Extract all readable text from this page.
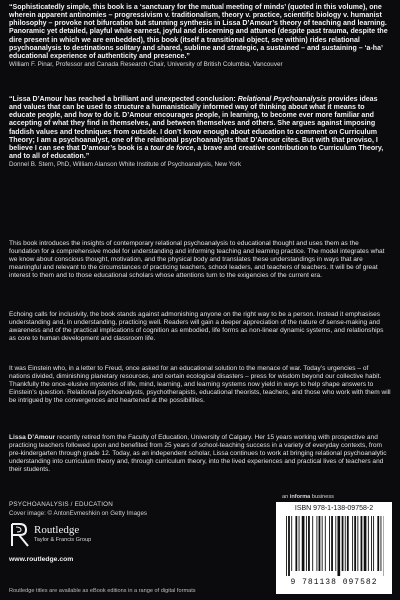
“Sophisticatedly simple, this book is a ‘sanctuary for the mutual meeting of minds’ (quoted in this volume), one wherein apparent antinomies – progressivism v. traditionalism, theory v. practice, scientific biology v. humanist philosophy – provoke not bifurcation but stunning synthesis in Lissa D’Amour’s theory of teaching and learning. Panoramic yet detailed, playful while earnest, joyful and discerning and attuned (despite past trauma, despite the dire present in which we are embedded), this book (itself a transitional object, see within) rides relational psychoanalysis to destinations solitary and shared, sublime and strategic, a sustained – and sustaining – ‘a-ha’ educational experience of authenticity and presence.”

William F. Pinar, Professor and Canada Research Chair, University of British Columbia, Vancouver

“Lissa D’Amour has reached a brilliant and unexpected conclusion: Relational Psychoanalysis provides ideas and values that can be used to structure a humanistically informed way of thinking about what it means to educate people, and how to do it. D’Amour encourages people, in learning, to become ever more familiar and accepting of what they find in themselves, and between themselves and others. She argues against imposing faddish values and techniques from outside. I don’t know enough about education to comment on Curriculum Theory; I am a psychoanalyst, one of the relational psychoanalysts that D’Amour cites. But with that proviso, I believe I can see that D’amour’s book is a tour de force, a brave and creative contribution to Curriculum Theory, and to all of education.”

Donnel B. Stern, PhD, William Alanson White Institute of Psychoanalysis, New York

This book introduces the insights of contemporary relational psychoanalysis to educational thought and uses them as the foundation for a comprehensive model for understanding and informing teaching and learning practice. The model integrates what we know about conscious thought, motivation, and the physical body and translates these understandings in ways that are meaningful and relevant to the circumstances of practicing teachers, school leaders, and teachers of teachers. It will be of great interest to them and to those educational scholars whose attentions turn to the exigencies of the current era.

Echoing calls for inclusivity, the book stands against admonishing anyone on the right way to be a person. Instead it emphasises understanding and, in understanding, practicing well. Readers will gain a deeper appreciation of the nature of sense-making and awareness and of the practical implications of cognition as embodied, life forms as non-linear dynamic systems, and relationships as core to human development and classroom life.

It was Einstein who, in a letter to Freud, once asked for an educational solution to the menace of war. Today’s urgencies – of nations divided, diminishing planetary resources, and certain ecological disasters – press for wisdom beyond our collective habit. Thankfully the once-elusive mysteries of life, mind, learning, and learning systems now yield in ways to help shape answers to Einstein’s question. Relational psychoanalysts, psychotherapists, educational theorists, teachers, and those who work with them will be intrigued by the convergences and heartened at the possibilities.

Lissa D’Amour recently retired from the Faculty of Education, University of Calgary. Her 15 years working with prospective and practicing teachers followed upon and benefited from 25 years of school-teaching success in a variety of everyday contexts, from pre-kindergarten through grade 12. Today, as an independent scholar, Lissa continues to work at bringing relational psychoanalytic understanding into curriculum theory and, through curriculum theory, into the lived experiences and practical lives of teachers and their students.

PSYCHOANALYSIS / EDUCATION
Cover image: © AntonEvmeshkin on Getty Images
Routledge
Taylor & Francis Group
www.routledge.com
Routledge titles are available as eBook editions in a range of digital formats
an informa business
ISBN 978-1-138-09758-2
9 781138 097582
